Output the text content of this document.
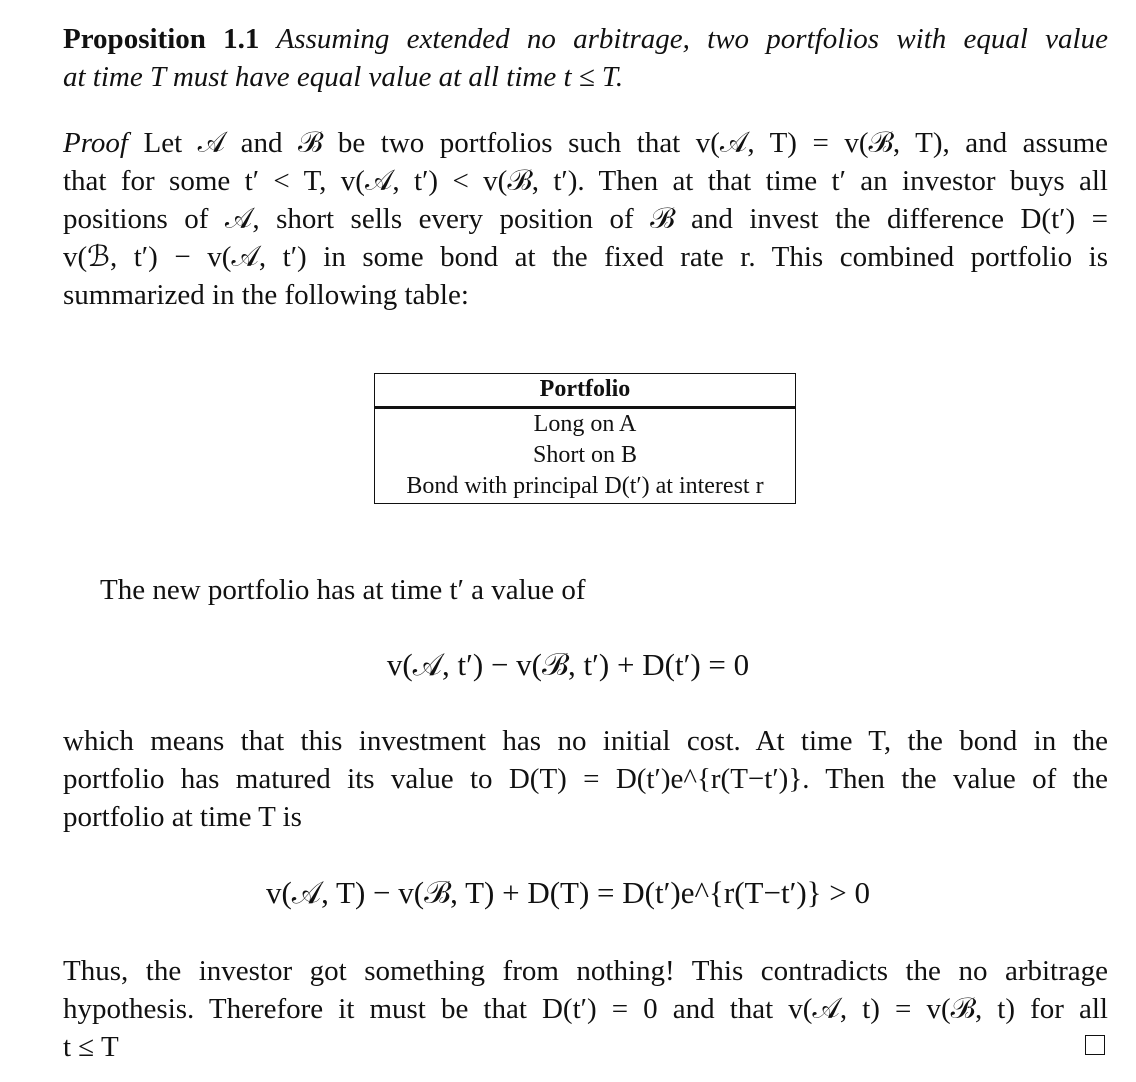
Proposition 1.1 Assuming extended no arbitrage, two portfolios with equal value
at time T must have equal value at all time t ≤ T.
Proof Let 𝒜 and ℬ be two portfolios such that v(𝒜, T) = v(ℬ, T), and assume
that for some t′ < T, v(𝒜, t′) < v(ℬ, t′). Then at that time t′ an investor buys all
positions of 𝒜, short sells every position of ℬ and invest the difference D(t′) =
v(ℬ, t′) − v(𝒜, t′) in some bond at the fixed rate r. This combined portfolio is
summarized in the following table:
Portfolio
Long on A
Short on B
Bond with principal D(t′) at interest r
The new portfolio has at time t′ a value of
v(𝒜, t′) − v(ℬ, t′) + D(t′) = 0
which means that this investment has no initial cost. At time T, the bond in the
portfolio has matured its value to D(T) = D(t′)e^{r(T−t′)}. Then the value of the
portfolio at time T is
v(𝒜, T) − v(ℬ, T) + D(T) = D(t′)e^{r(T−t′)} > 0
Thus, the investor got something from nothing! This contradicts the no arbitrage
hypothesis. Therefore it must be that D(t′) = 0 and that v(𝒜, t) = v(ℬ, t) for all
t ≤ T
